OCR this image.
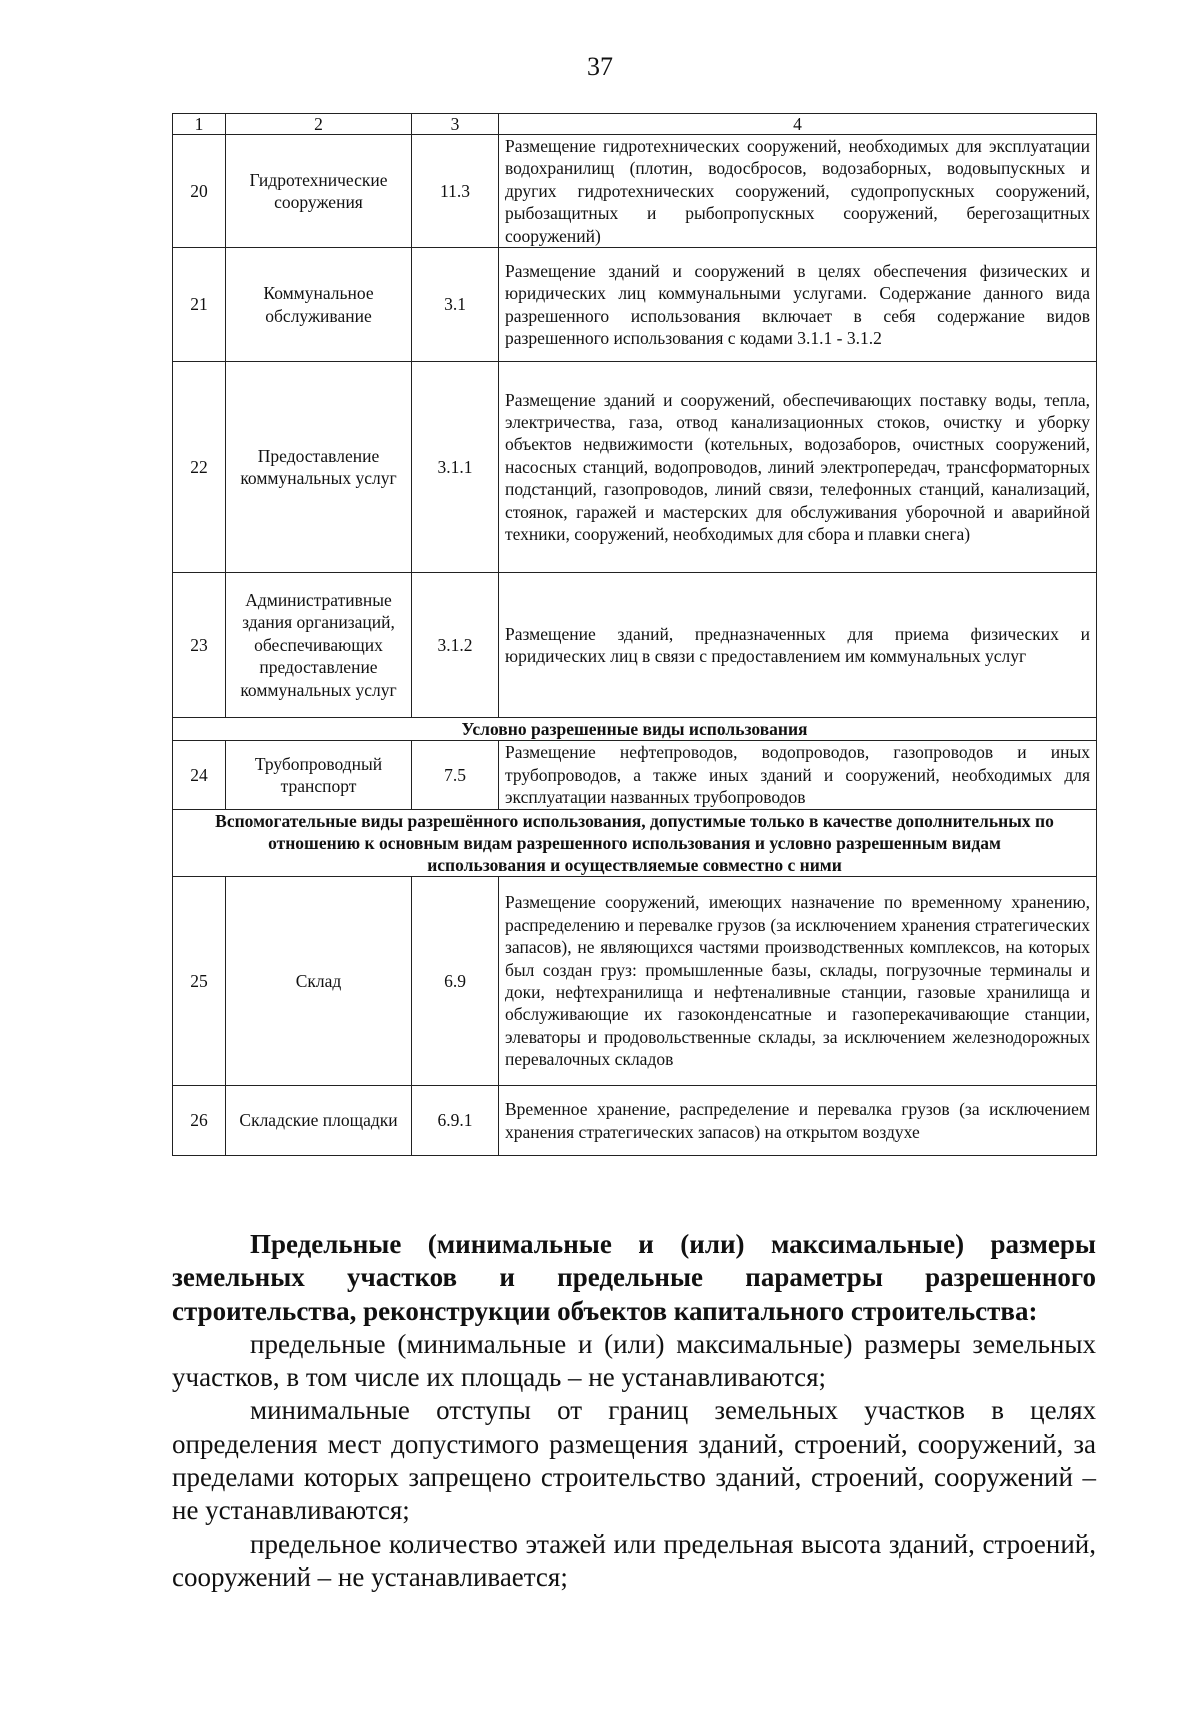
37
1	2	3	4
20	Гидротехнические сооружения	11.3	Размещение гидротехнических сооружений, необходимых для эксплуатации водохранилищ (плотин, водосбросов, водозаборных, водовыпускных и других гидротехнических сооружений, судопропускных сооружений, рыбозащитных и рыбопропускных сооружений, берегозащитных сооружений)
21	Коммунальное обслуживание	3.1	Размещение зданий и сооружений в целях обеспечения физических и юридических лиц коммунальными услугами. Содержание данного вида разрешенного использования включает в себя содержание видов разрешенного использования с кодами 3.1.1 - 3.1.2
22	Предоставление коммунальных услуг	3.1.1	Размещение зданий и сооружений, обеспечивающих поставку воды, тепла, электричества, газа, отвод канализационных стоков, очистку и уборку объектов недвижимости (котельных, водозаборов, очистных сооружений, насосных станций, водопроводов, линий электропередач, трансформаторных подстанций, газопроводов, линий связи, телефонных станций, канализаций, стоянок, гаражей и мастерских для обслуживания уборочной и аварийной техники, сооружений, необходимых для сбора и плавки снега)
23	Административные здания организаций, обеспечивающих предоставление коммунальных услуг	3.1.2	Размещение зданий, предназначенных для приема физических и юридических лиц в связи с предоставлением им коммунальных услуг
Условно разрешенные виды использования			
24	Трубопроводный транспорт	7.5	Размещение нефтепроводов, водопроводов, газопроводов и иных трубопроводов, а также иных зданий и сооружений, необходимых для эксплуатации названных трубопроводов
Вспомогательные виды разрешённого использования, допустимые только в качестве дополнительных по отношению к основным видам разрешенного использования и условно разрешенным видам использования и осуществляемые совместно с ними			
25	Склад	6.9	Размещение сооружений, имеющих назначение по временному хранению, распределению и перевалке грузов (за исключением хранения стратегических запасов), не являющихся частями производственных комплексов, на которых был создан груз: промышленные базы, склады, погрузочные терминалы и доки, нефтехранилища и нефтеналивные станции, газовые хранилища и обслуживающие их газоконденсатные и газоперекачивающие станции, элеваторы и продовольственные склады, за исключением железнодорожных перевалочных складов
26	Складские площадки	6.9.1	Временное хранение, распределение и перевалка грузов (за исключением хранения стратегических запасов) на открытом воздухе

Предельные (минимальные и (или) максимальные) размеры земельных участков и предельные параметры разрешенного строительства, реконструкции объектов капитального строительства:

предельные (минимальные и (или) максимальные) размеры земельных участков, в том числе их площадь – не устанавливаются;

минимальные отступы от границ земельных участков в целях определения мест допустимого размещения зданий, строений, сооружений, за пределами которых запрещено строительство зданий, строений, сооружений – не устанавливаются;

предельное количество этажей или предельная высота зданий, строений, сооружений – не устанавливается;
